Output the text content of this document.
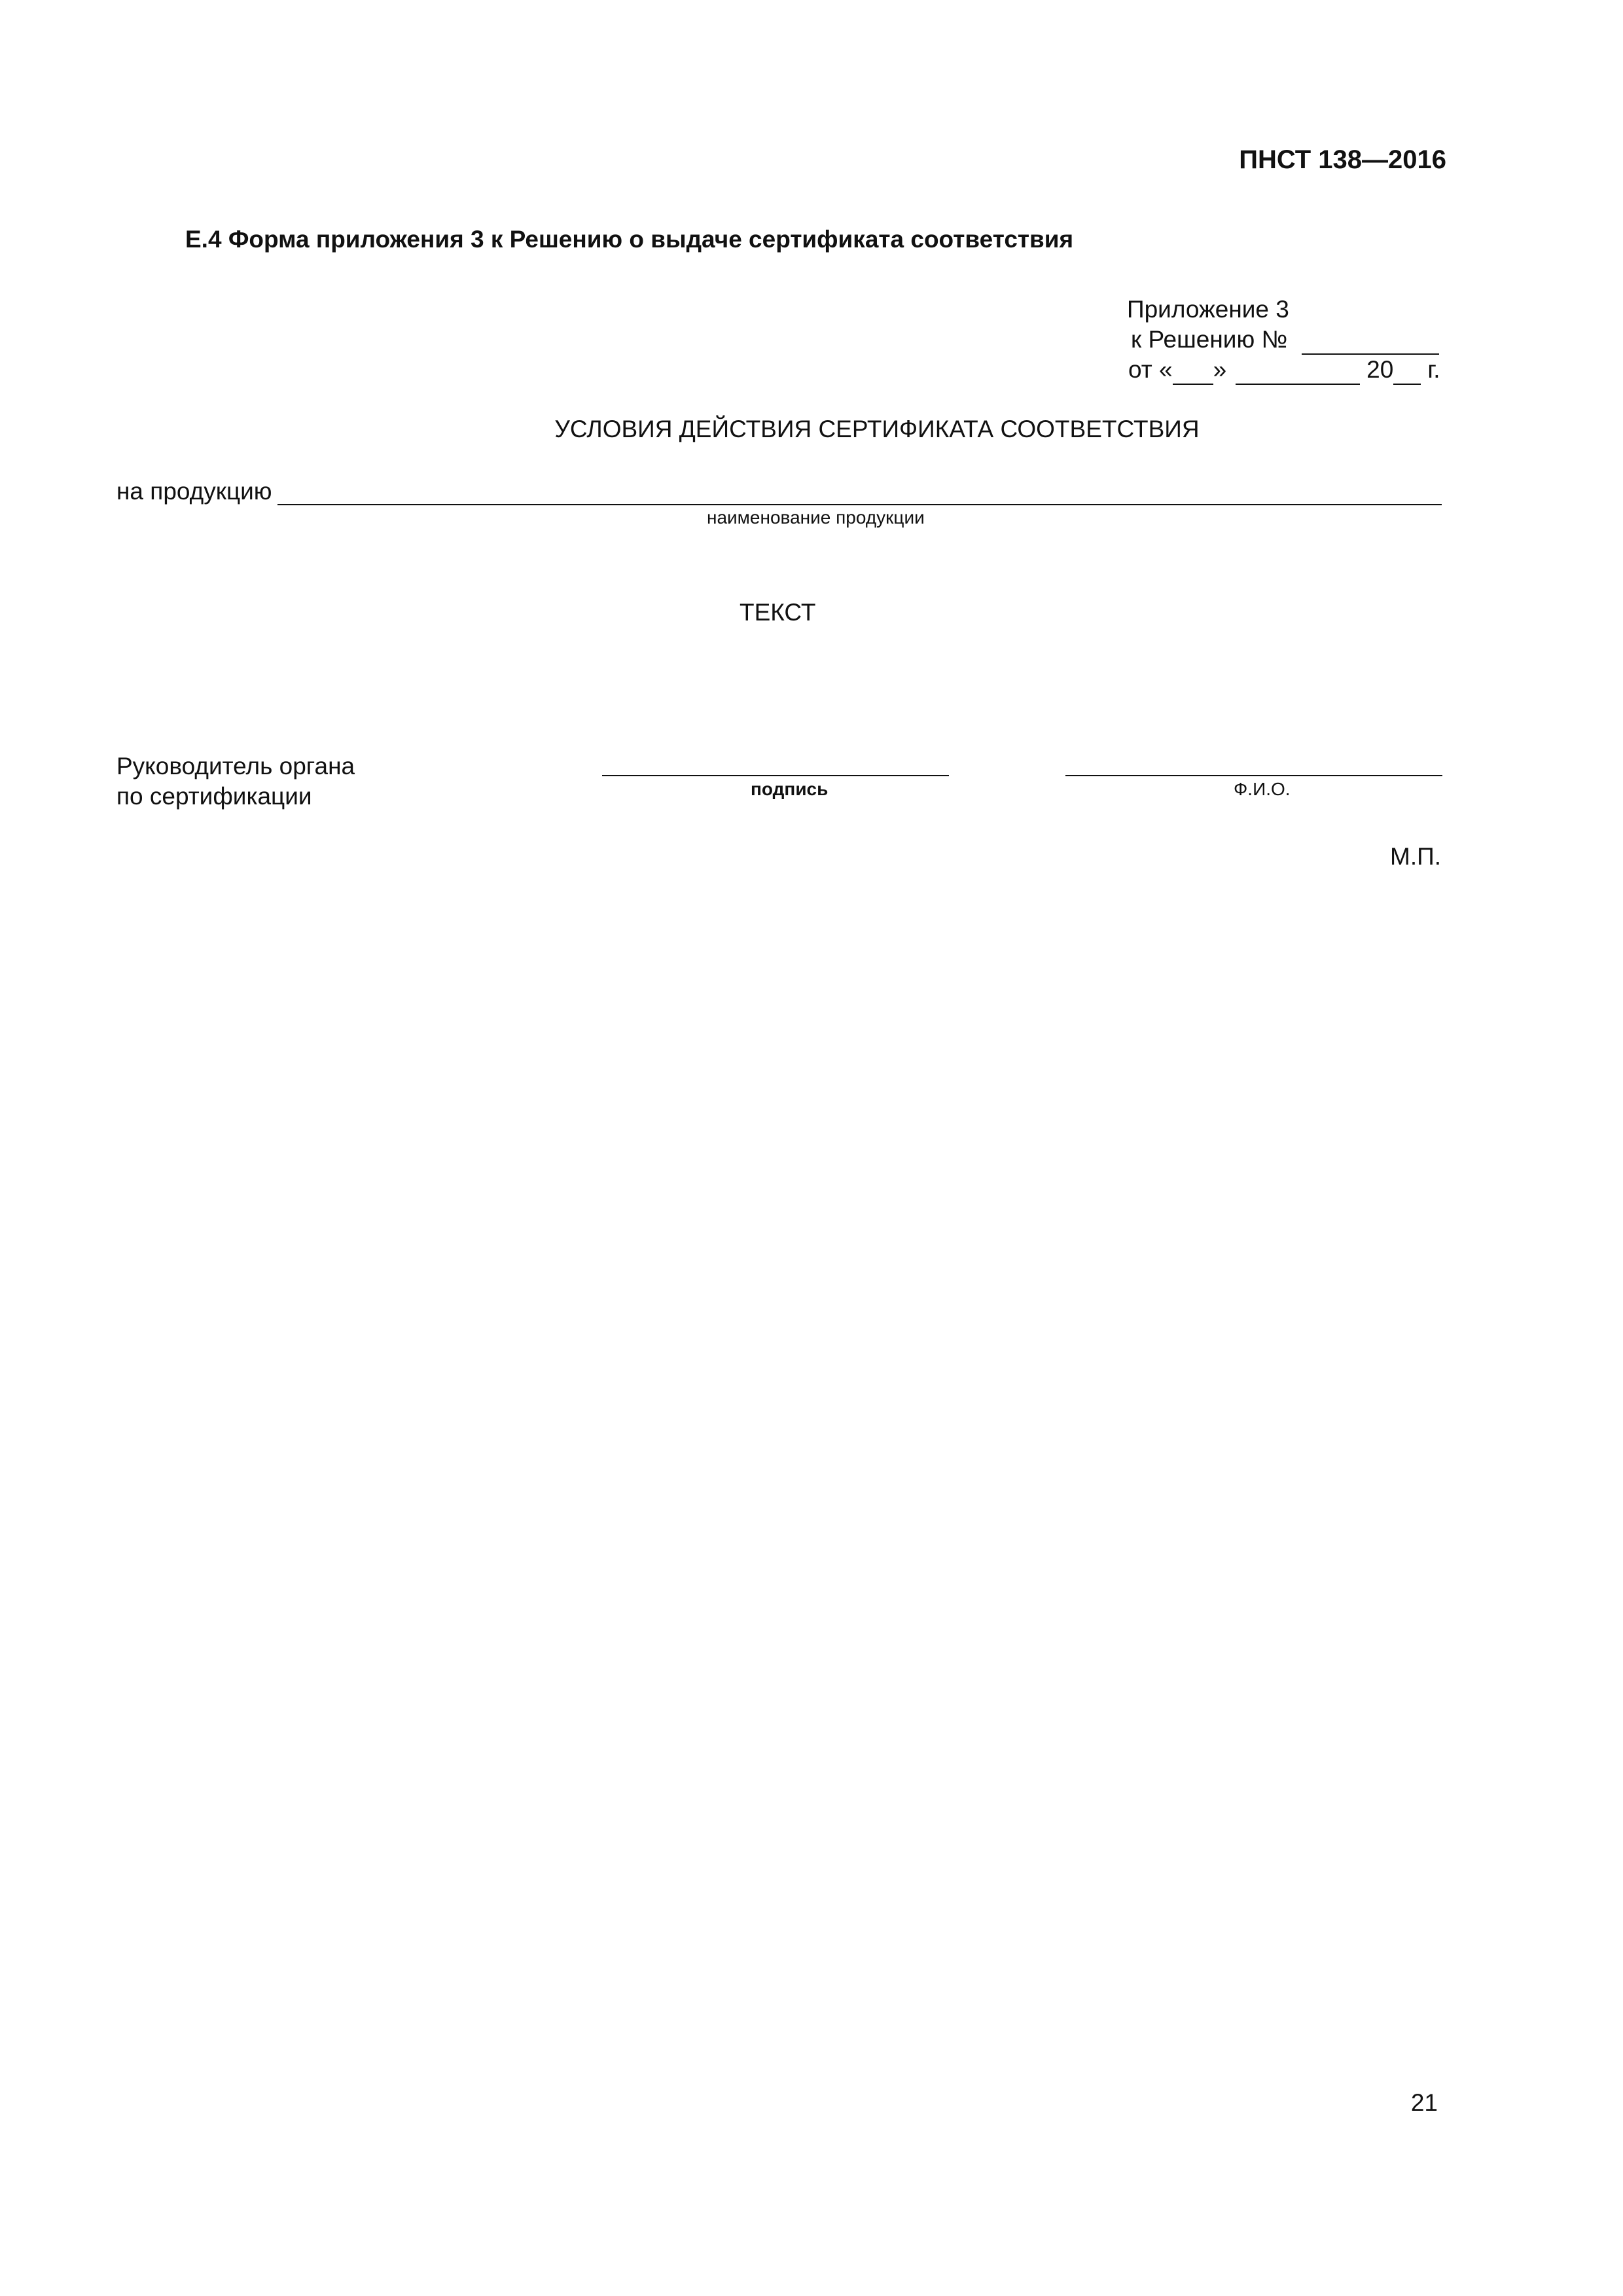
ПНСТ 138—2016
Е.4 Форма приложения 3 к Решению о выдаче сертификата соответствия
Приложение 3
к Решению №
от « »	20 г.
УСЛОВИЯ ДЕЙСТВИЯ СЕРТИФИКАТА СООТВЕТСТВИЯ
на продукцию
наименование продукции
ТЕКСТ
Руководитель органа
по сертификации	подпись	Ф.И.О.
М.П.
21
